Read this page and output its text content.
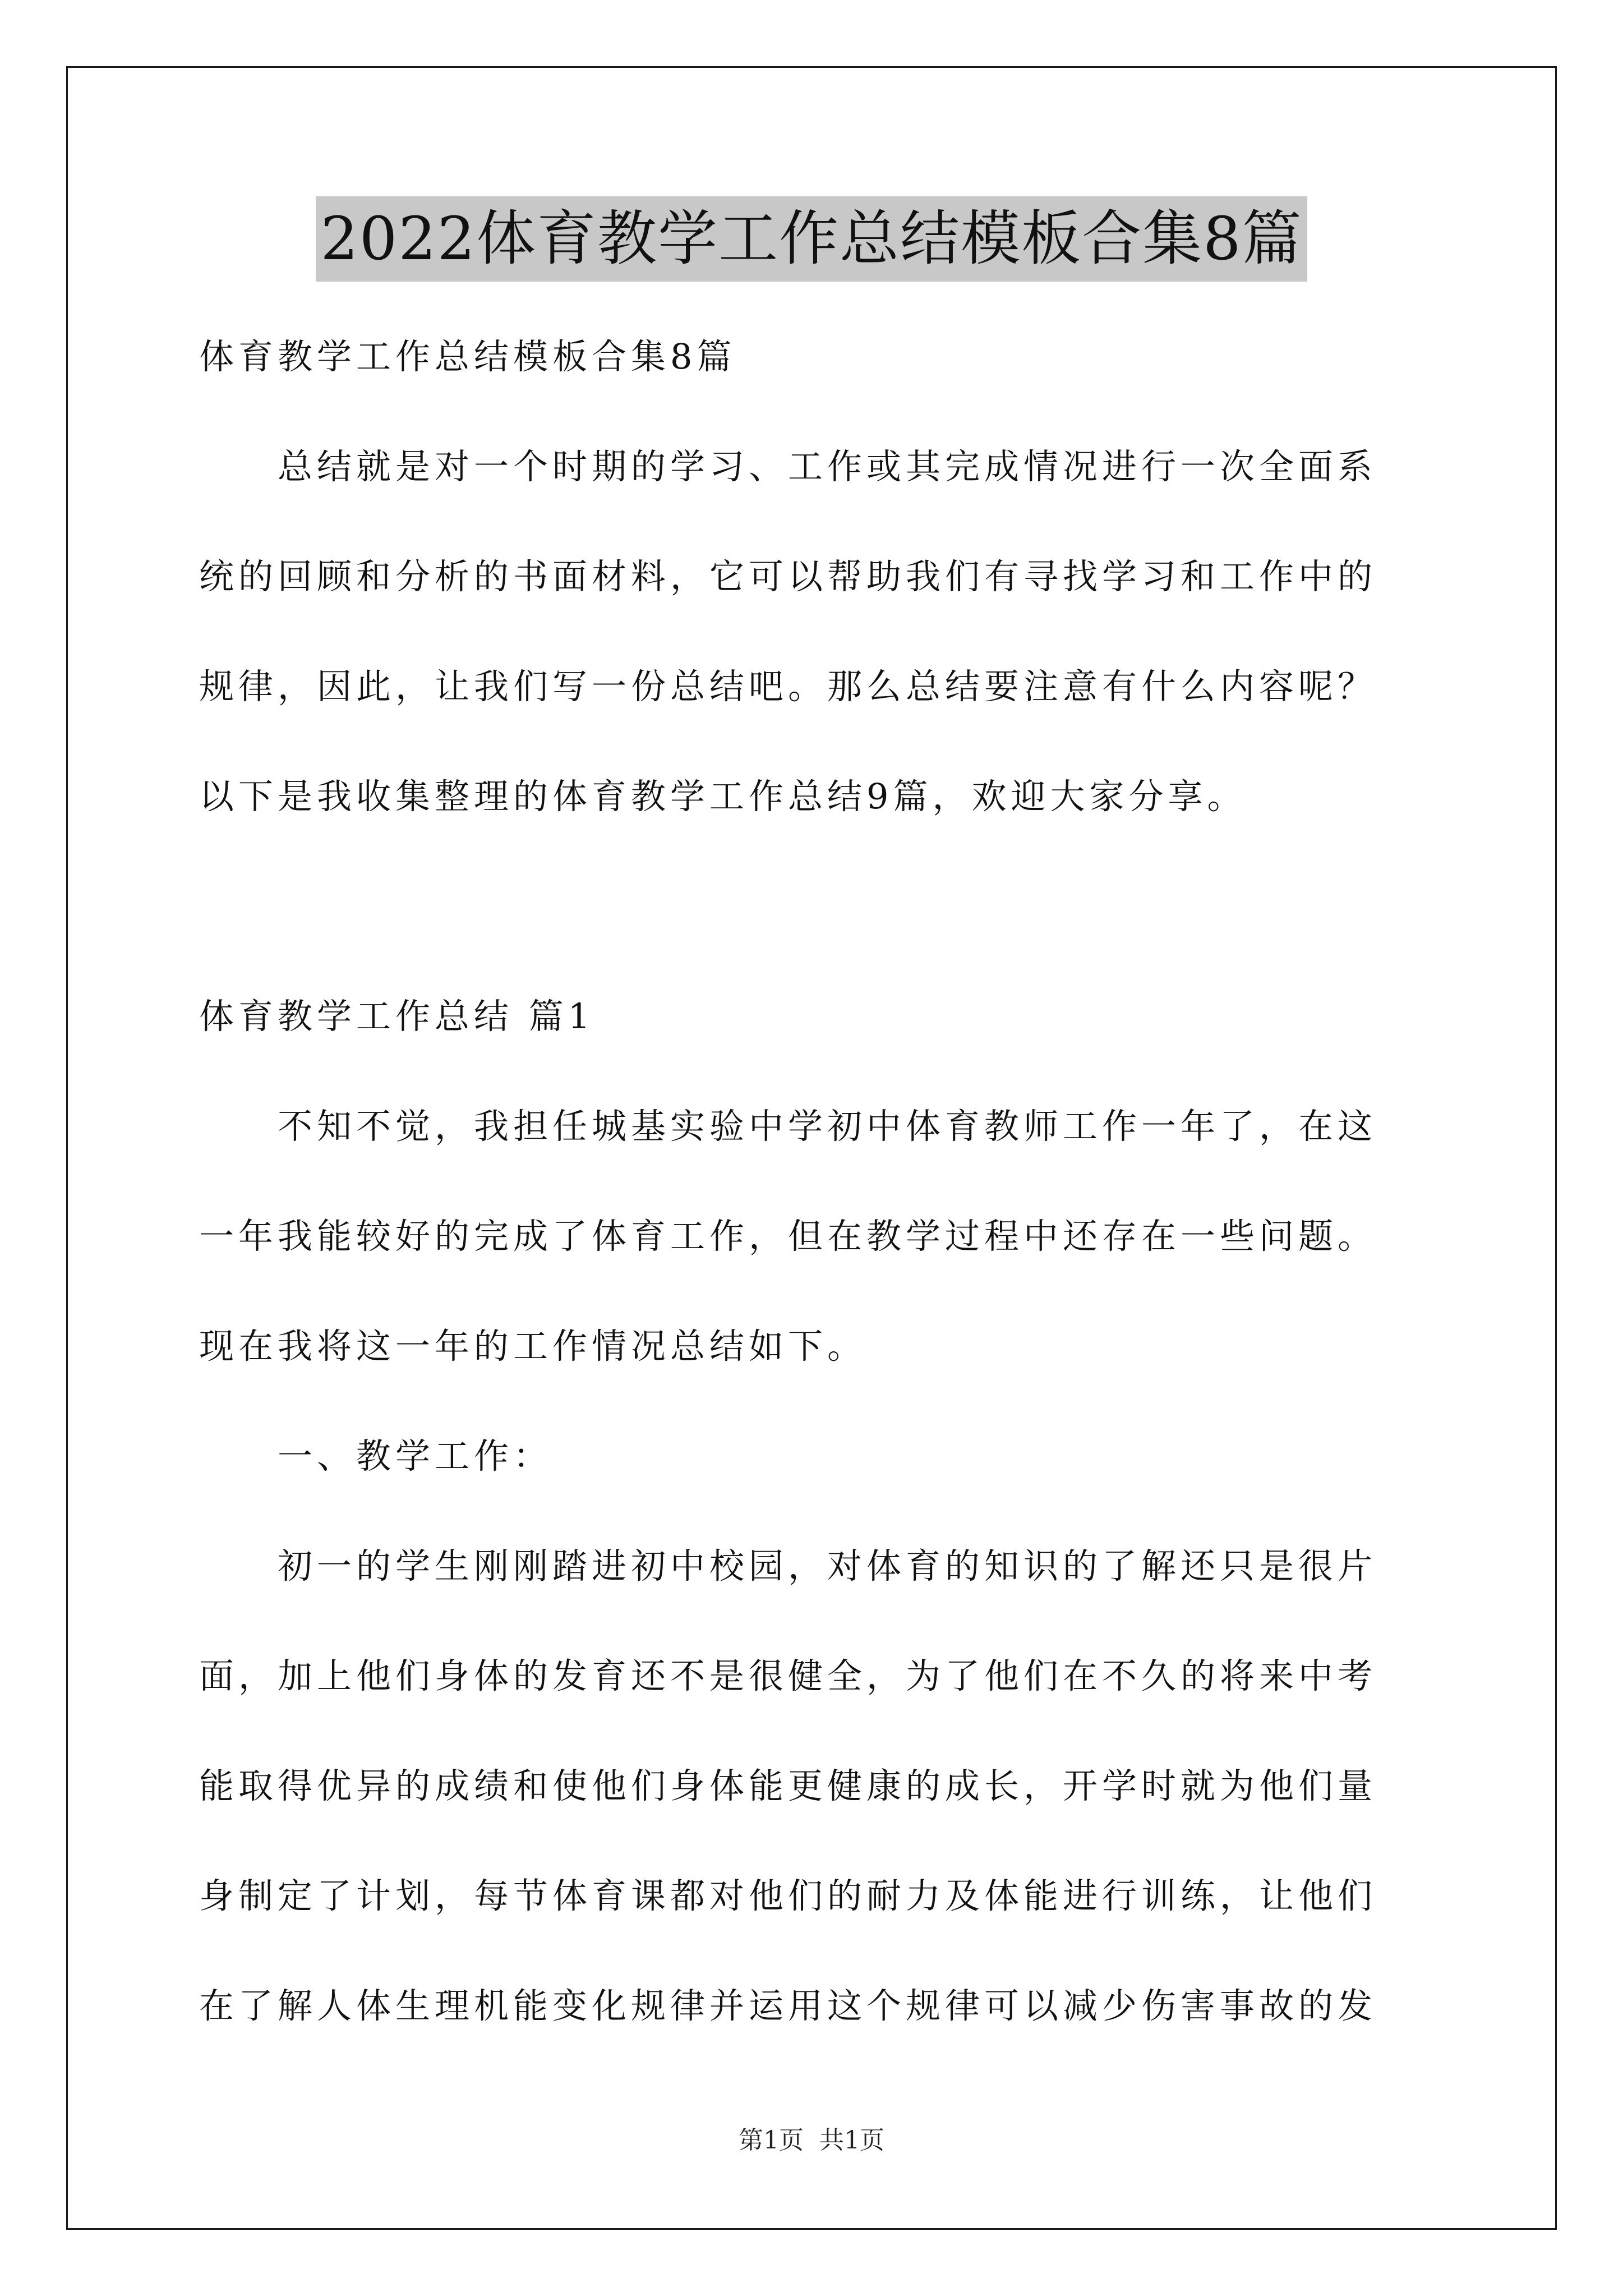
2022体育教学工作总结模板合集8篇

体育教学工作总结模板合集8篇

总结就是对一个时期的学习、工作或其完成情况进行一次全面系

统的回顾和分析的书面材料，它可以帮助我们有寻找学习和工作中的

规律，因此，让我们写一份总结吧。那么总结要注意有什么内容呢？

以下是我收集整理的体育教学工作总结9篇，欢迎大家分享。

体育教学工作总结 篇1

不知不觉，我担任城基实验中学初中体育教师工作一年了，在这

一年我能较好的完成了体育工作，但在教学过程中还存在一些问题。

现在我将这一年的工作情况总结如下。

一、教学工作：

初一的学生刚刚踏进初中校园，对体育的知识的了解还只是很片

面，加上他们身体的发育还不是很健全，为了他们在不久的将来中考

能取得优异的成绩和使他们身体能更健康的成长，开学时就为他们量

身制定了计划，每节体育课都对他们的耐力及体能进行训练，让他们

在了解人体生理机能变化规律并运用这个规律可以减少伤害事故的发

第1页 共1页
